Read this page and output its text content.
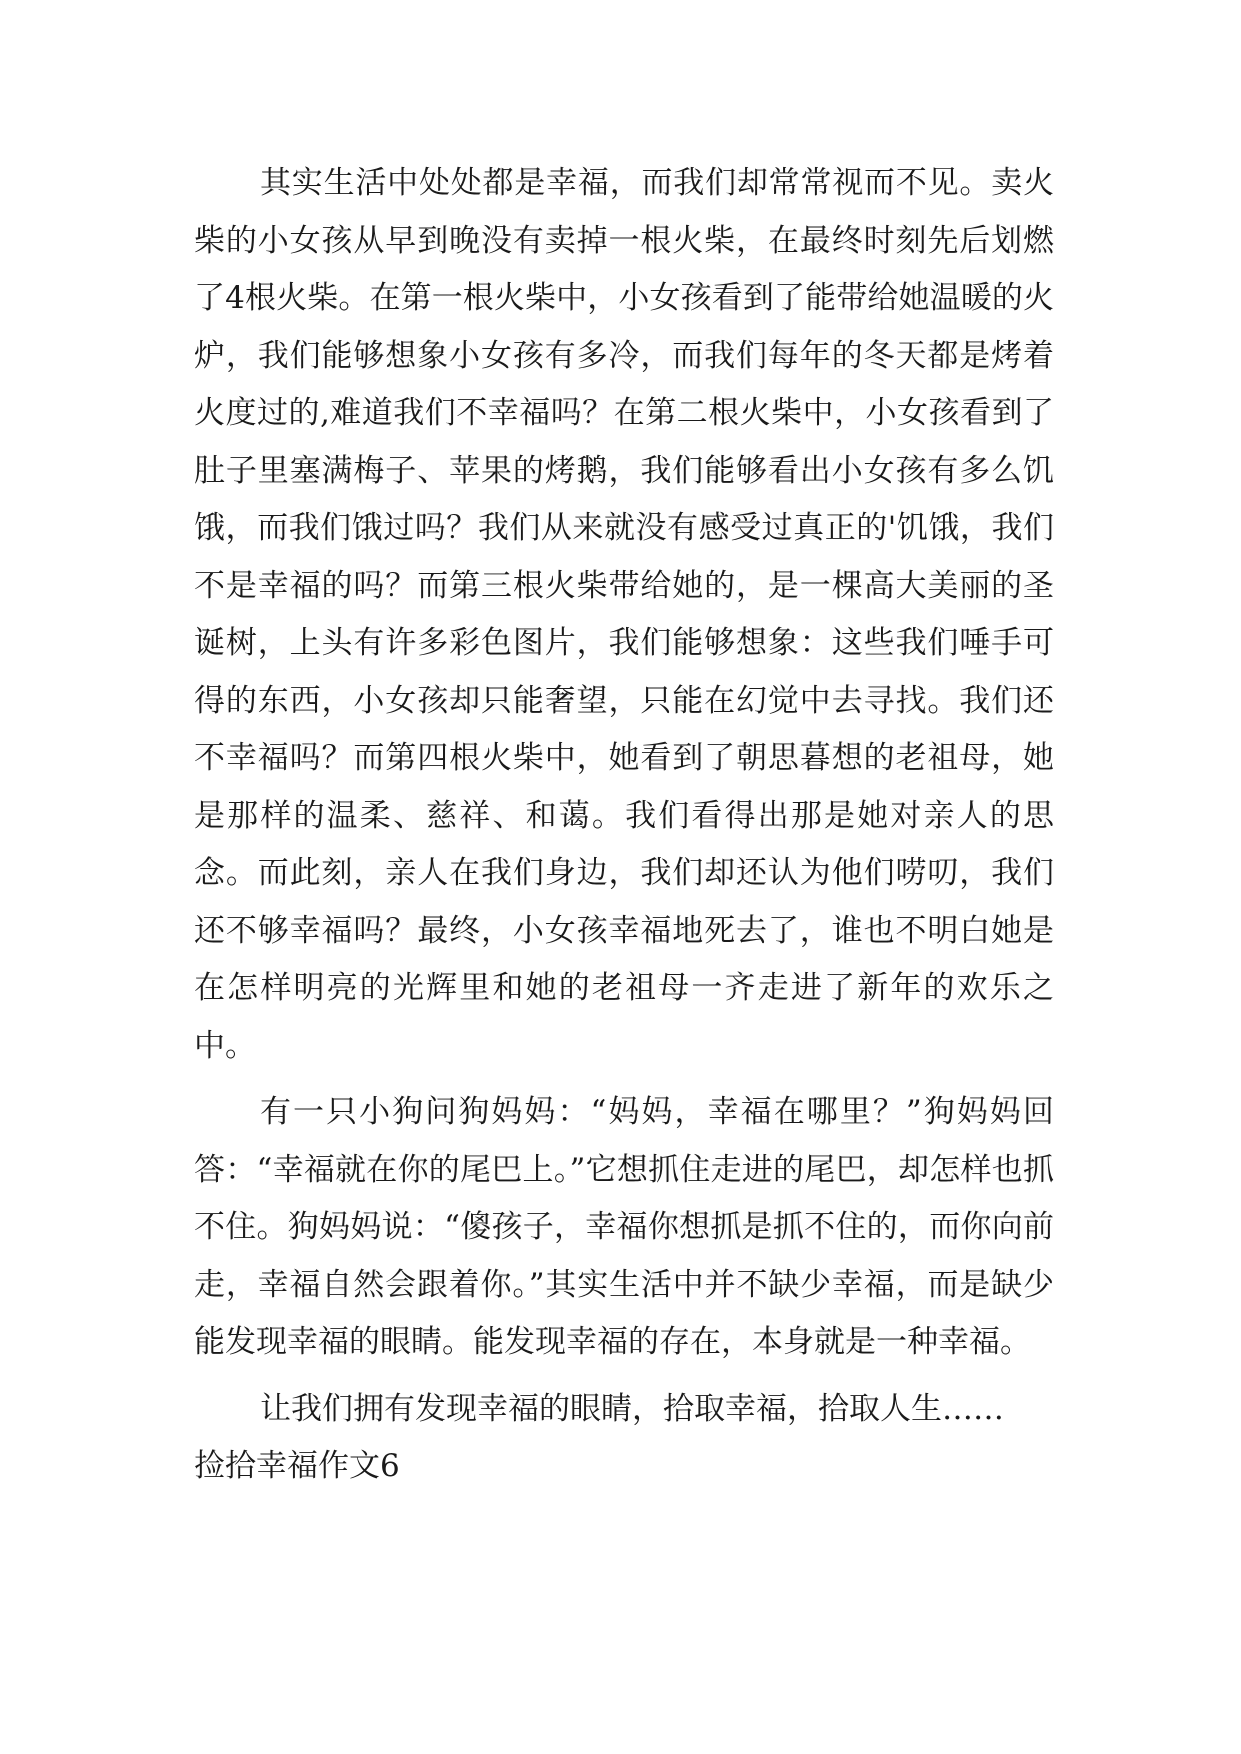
其实生活中处处都是幸福，而我们却常常视而不见。卖火柴的小女孩从早到晚没有卖掉一根火柴，在最终时刻先后划燃了4根火柴。在第一根火柴中，小女孩看到了能带给她温暖的火炉，我们能够想象小女孩有多冷，而我们每年的冬天都是烤着火度过的,难道我们不幸福吗？在第二根火柴中，小女孩看到了肚子里塞满梅子、苹果的烤鹅，我们能够看出小女孩有多么饥饿，而我们饿过吗？我们从来就没有感受过真正的'饥饿，我们不是幸福的吗？而第三根火柴带给她的，是一棵高大美丽的圣诞树，上头有许多彩色图片，我们能够想象：这些我们唾手可得的东西，小女孩却只能奢望，只能在幻觉中去寻找。我们还不幸福吗？而第四根火柴中，她看到了朝思暮想的老祖母，她是那样的温柔、慈祥、和蔼。我们看得出那是她对亲人的思念。而此刻，亲人在我们身边，我们却还认为他们唠叨，我们还不够幸福吗？最终，小女孩幸福地死去了，谁也不明白她是在怎样明亮的光辉里和她的老祖母一齐走进了新年的欢乐之中。

有一只小狗问狗妈妈：“妈妈，幸福在哪里？”狗妈妈回答：“幸福就在你的尾巴上。”它想抓住走进的尾巴，却怎样也抓不住。狗妈妈说：“傻孩子，幸福你想抓是抓不住的，而你向前走，幸福自然会跟着你。”其实生活中并不缺少幸福，而是缺少能发现幸福的眼睛。能发现幸福的存在，本身就是一种幸福。

让我们拥有发现幸福的眼睛，拾取幸福，拾取人生……

捡拾幸福作文6
